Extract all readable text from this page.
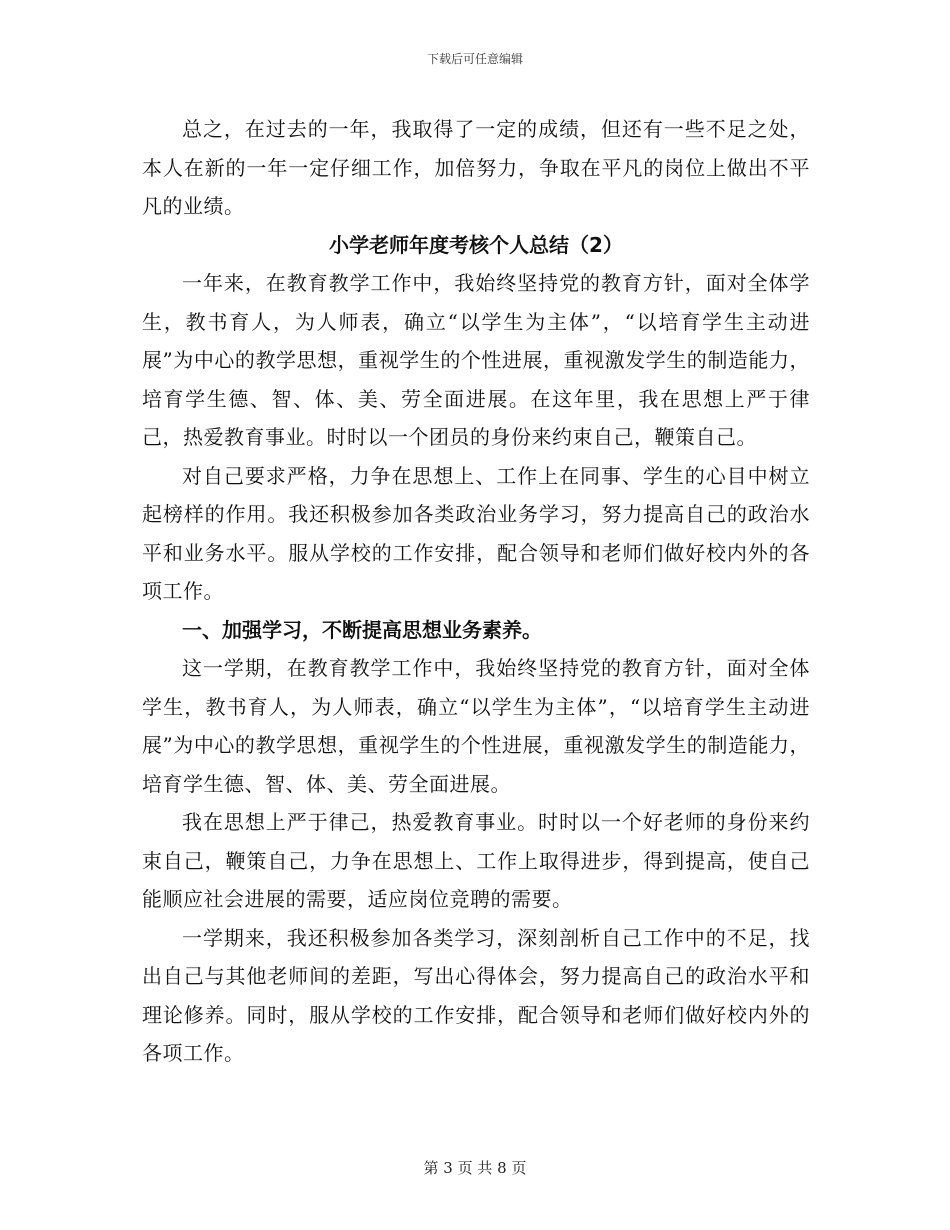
下载后可任意编辑

总之，在过去的一年，我取得了一定的成绩，但还有一些不足之处，本人在新的一年一定仔细工作，加倍努力，争取在平凡的岗位上做出不平凡的业绩。

小学老师年度考核个人总结（2）

一年来，在教育教学工作中，我始终坚持党的教育方针，面对全体学生，教书育人，为人师表，确立“以学生为主体”，“以培育学生主动进展”为中心的教学思想，重视学生的个性进展，重视激发学生的制造能力，培育学生德、智、体、美、劳全面进展。在这年里，我在思想上严于律己，热爱教育事业。时时以一个团员的身份来约束自己，鞭策自己。

对自己要求严格，力争在思想上、工作上在同事、学生的心目中树立起榜样的作用。我还积极参加各类政治业务学习，努力提高自己的政治水平和业务水平。服从学校的工作安排，配合领导和老师们做好校内外的各项工作。

一、加强学习，不断提高思想业务素养。

这一学期，在教育教学工作中，我始终坚持党的教育方针，面对全体学生，教书育人，为人师表，确立“以学生为主体”，“以培育学生主动进展”为中心的教学思想，重视学生的个性进展，重视激发学生的制造能力，培育学生德、智、体、美、劳全面进展。

我在思想上严于律己，热爱教育事业。时时以一个好老师的身份来约束自己，鞭策自己，力争在思想上、工作上取得进步，得到提高，使自己能顺应社会进展的需要，适应岗位竞聘的需要。

一学期来，我还积极参加各类学习，深刻剖析自己工作中的不足，找出自己与其他老师间的差距，写出心得体会，努力提高自己的政治水平和理论修养。同时，服从学校的工作安排，配合领导和老师们做好校内外的各项工作。

第 3 页 共 8 页
